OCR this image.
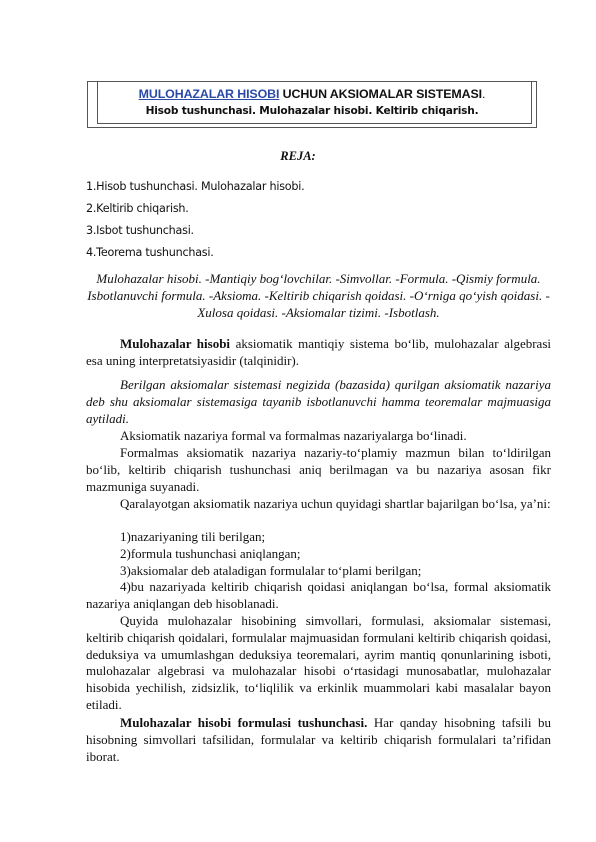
MULOHAZALAR HISOBI UCHUN AKSIOMALAR SISTEMASI.
Hisob tushunchasi. Mulohazalar hisobi. Keltirib chiqarish.
REJA:
1.Hisob tushunchasi. Mulohazalar hisobi.
2.Keltirib chiqarish.
3.Isbot tushunchasi.
4.Teorema tushunchasi.
Mulohazalar hisobi. -Mantiqiy bog‘lovchilar. -Simvollar. -Formula. -Qismiy formula. Isbotlanuvchi formula. -Aksioma. -Keltirib chiqarish qoidasi. -O‘rniga qo‘yish qoidasi. -Xulosa qoidasi. -Aksiomalar tizimi. -Isbotlash.
Mulohazalar hisobi aksiomatik mantiqiy sistema bo‘lib, mulohazalar algebrasi esa uning interpretatsiyasidir (talqinidir).
Berilgan aksiomalar sistemasi negizida (bazasida) qurilgan aksiomatik nazariya deb shu aksiomalar sistemasiga tayanib isbotlanuvchi hamma teoremalar majmuasiga aytiladi.
Aksiomatik nazariya formal va formalmas nazariyalarga bo‘linadi.
Formalmas aksiomatik nazariya nazariy-to‘plamiy mazmun bilan to‘ldirilgan bo‘lib, keltirib chiqarish tushunchasi aniq berilmagan va bu nazariya asosan fikr mazmuniga suyanadi.
Qaralayotgan aksiomatik nazariya uchun quyidagi shartlar bajarilgan bo‘lsa, ya’ni:
1)nazariyaning tili berilgan;
2)formula tushunchasi aniqlangan;
3)aksiomalar deb ataladigan formulalar to‘plami berilgan;
4)bu nazariyada keltirib chiqarish qoidasi aniqlangan bo‘lsa, formal aksiomatik nazariya aniqlangan deb hisoblanadi.
Quyida mulohazalar hisobining simvollari, formulasi, aksiomalar sistemasi, keltirib chiqarish qoidalari, formulalar majmuasidan formulani keltirib chiqarish qoidasi, deduksiya va umumlashgan deduksiya teoremalari, ayrim mantiq qonunlarining isboti, mulohazalar algebrasi va mulohazalar hisobi o‘rtasidagi munosabatlar, mulohazalar hisobida yechilish, zidsizlik, to‘liqlilik va erkinlik muammolari kabi masalalar bayon etiladi.
Mulohazalar hisobi formulasi tushunchasi. Har qanday hisobning tafsili bu hisobning simvollari tafsilidan, formulalar va keltirib chiqarish formulalari ta’rifidan iborat.
